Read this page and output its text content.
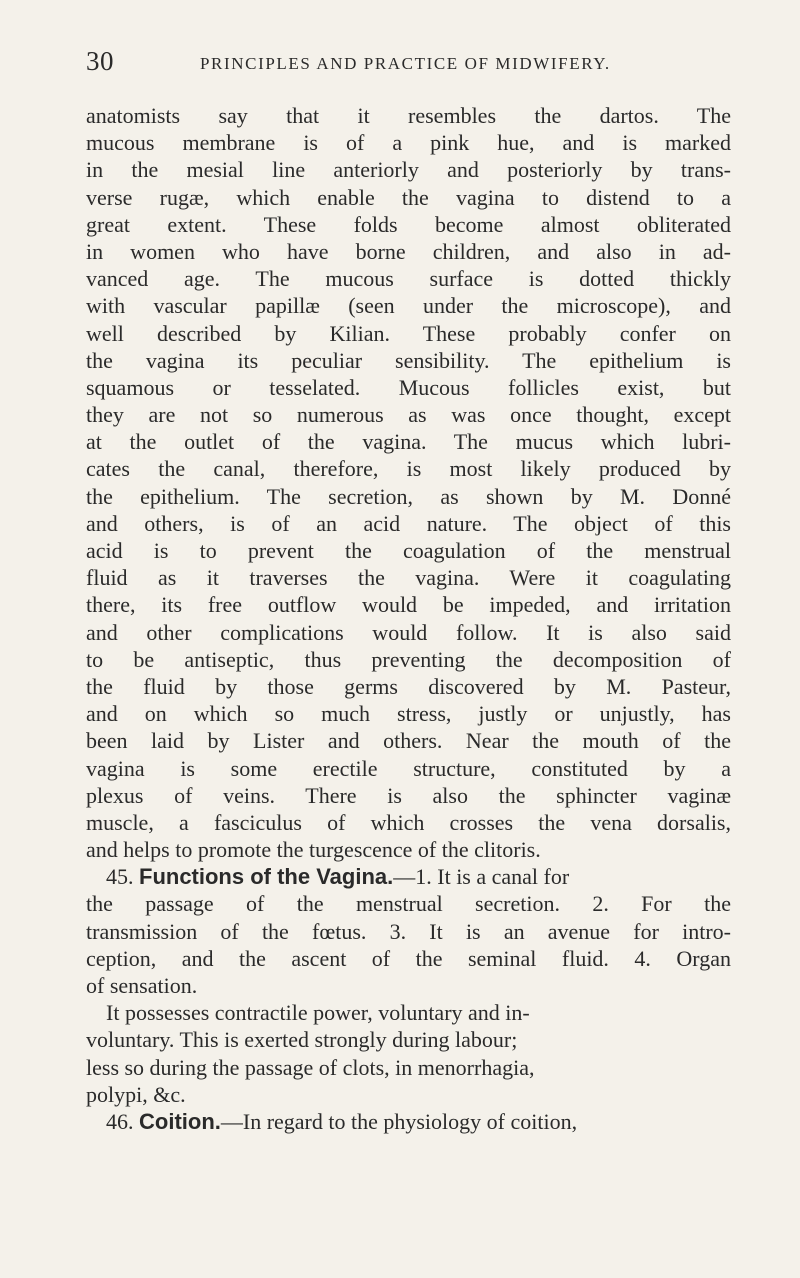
30	PRINCIPLES AND PRACTICE OF MIDWIFERY.
anatomists say that it resembles the dartos. The
mucous membrane is of a pink hue, and is marked
in the mesial line anteriorly and posteriorly by trans-
verse rugæ, which enable the vagina to distend to a
great extent. These folds become almost obliterated
in women who have borne children, and also in ad-
vanced age. The mucous surface is dotted thickly
with vascular papillæ (seen under the microscope), and
well described by Kilian. These probably confer on
the vagina its peculiar sensibility. The epithelium is
squamous or tesselated. Mucous follicles exist, but
they are not so numerous as was once thought, except
at the outlet of the vagina. The mucus which lubri-
cates the canal, therefore, is most likely produced by
the epithelium. The secretion, as shown by M. Donné
and others, is of an acid nature. The object of this
acid is to prevent the coagulation of the menstrual
fluid as it traverses the vagina. Were it coagulating
there, its free outflow would be impeded, and irritation
and other complications would follow. It is also said
to be antiseptic, thus preventing the decomposition of
the fluid by those germs discovered by M. Pasteur,
and on which so much stress, justly or unjustly, has
been laid by Lister and others. Near the mouth of the
vagina is some erectile structure, constituted by a
plexus of veins. There is also the sphincter vaginæ
muscle, a fasciculus of which crosses the vena dorsalis,
and helps to promote the turgescence of the clitoris.
45. Functions of the Vagina.—1. It is a canal for
the passage of the menstrual secretion. 2. For the
transmission of the fœtus. 3. It is an avenue for intro-
ception, and the ascent of the seminal fluid. 4. Organ
of sensation.
It possesses contractile power, voluntary and in-
voluntary. This is exerted strongly during labour;
less so during the passage of clots, in menorrhagia,
polypi, &c.
46. Coition.—In regard to the physiology of coition,
